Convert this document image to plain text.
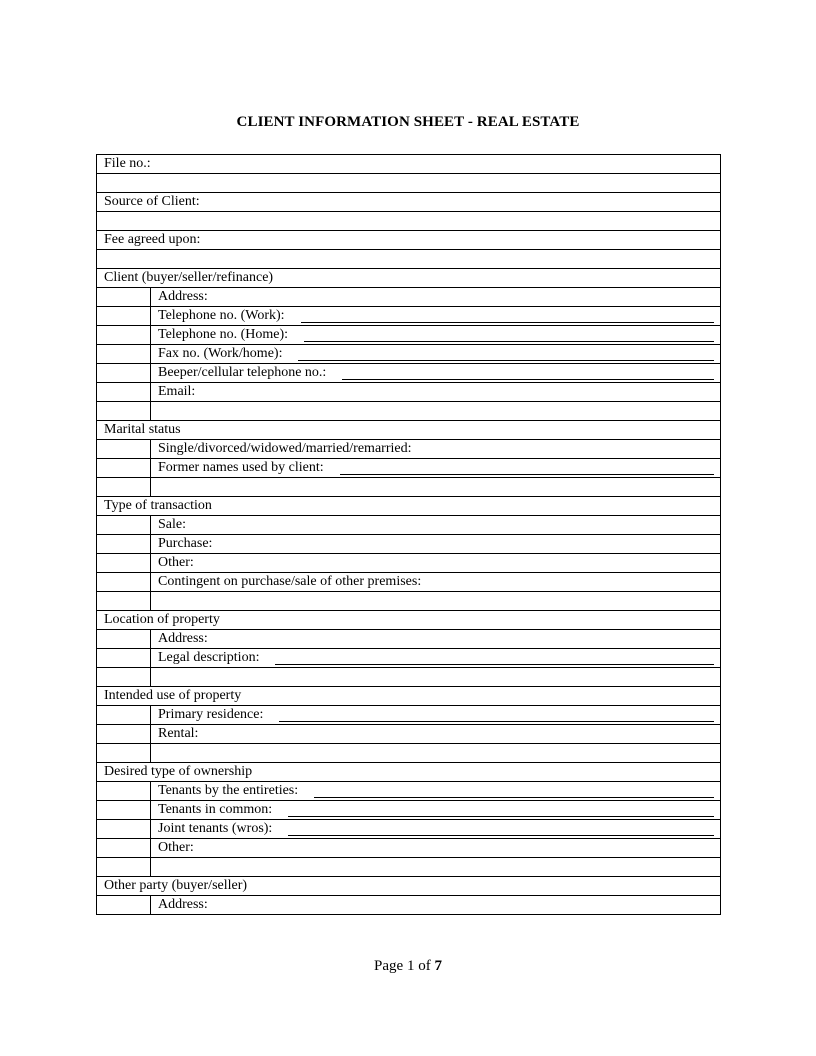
CLIENT INFORMATION SHEET - REAL ESTATE
File no.:
Source of Client:
Fee agreed upon:
Client (buyer/seller/refinance)
Address:
Telephone no. (Work):
Telephone no. (Home):
Fax no. (Work/home):
Beeper/cellular telephone no.:
Email:
Marital status
Single/divorced/widowed/married/remarried:
Former names used by client:
Type of transaction
Sale:
Purchase:
Other:
Contingent on purchase/sale of other premises:
Location of property
Address:
Legal description:
Intended use of property
Primary residence:
Rental:
Desired type of ownership
Tenants by the entireties:
Tenants in common:
Joint tenants (wros):
Other:
Other party (buyer/seller)
Address:
Page 1 of 7
